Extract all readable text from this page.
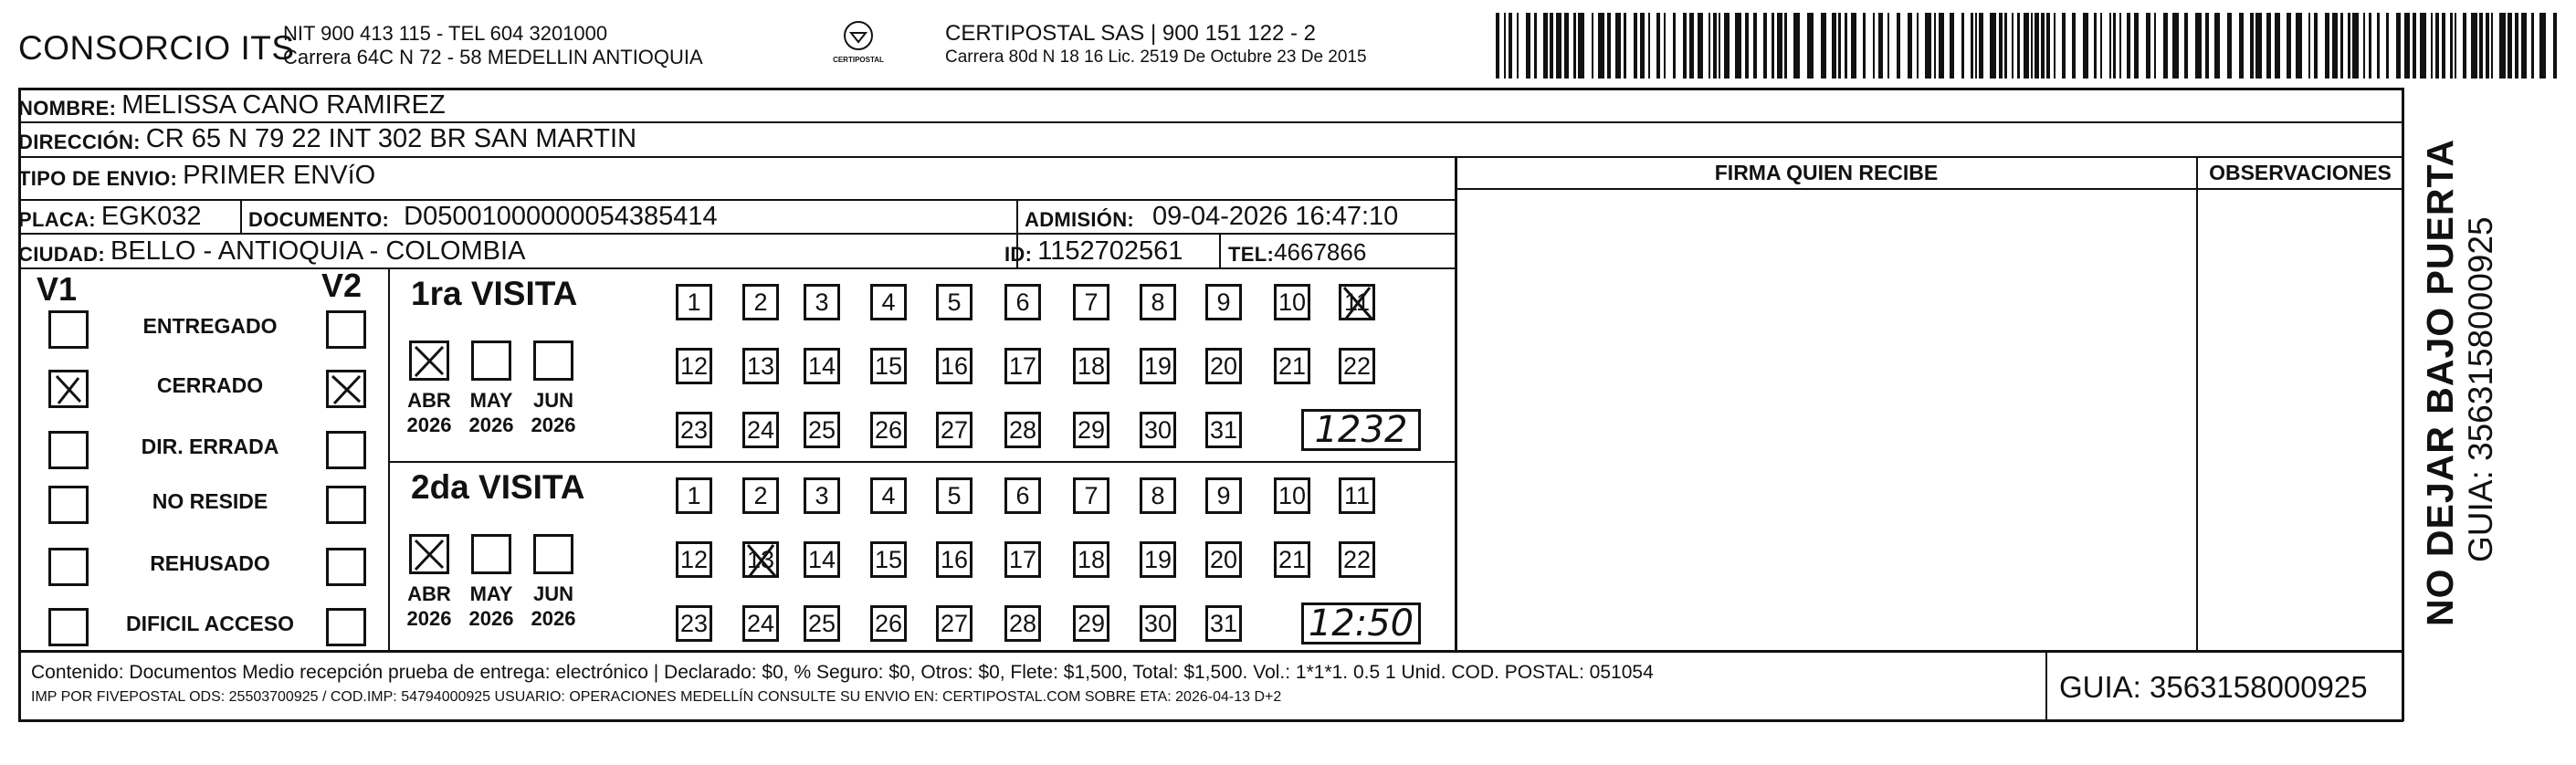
CONSORCIO ITS
NIT 900 413 115 - TEL 604 3201000
Carrera 64C N 72 - 58 MEDELLIN ANTIOQUIA	CERTIPOSTAL
CERTIPOSTAL SAS | 900 151 122 - 2
Carrera 80d N 18 16 Lic. 2519 De Octubre 23 De 2015
NOMBRE: MELISSA CANO RAMIREZ
DIRECCIÓN: CR 65 N 79 22 INT 302 BR SAN MARTIN
TIPO DE ENVIO: PRIMER ENVíO
PLACA: EGK032 DOCUMENTO: D05001000000054385414	ADMISIÓN: 09-04-2026 16:47:10
CIUDAD: BELLO - ANTIOQUIA - COLOMBIA	ID: 1152702561 TEL: 4667866
FIRMA QUIEN RECIBE	OBSERVACIONES
V1	V2
ENTREGADO
CERRADO
DIR. ERRADA
NO RESIDE
REHUSADO
DIFICIL ACCESO
1ra VISITA
ABR
2026
MAY
2026
JUN
2026
1 2 3 4 5 6 7 8 9 10 11
12 13 14 15 16 17 18 19 20 21 22
23 24 25 26 27 28 29 30 31 1232
2da VISITA
ABR
2026
MAY
2026
JUN
2026
1 2 3 4 5 6 7 8 9 10 11
12 13 14 15 16 17 18 19 20 21 22
23 24 25 26 27 28 29 30 31 12:50
Contenido: Documentos Medio recepción prueba de entrega: electrónico | Declarado: $0, % Seguro: $0, Otros: $0, Flete: $1,500, Total: $1,500. Vol.: 1*1*1. 0.5 1 Unid. COD. POSTAL: 051054
IMP POR FIVEPOSTAL ODS: 25503700925 / COD.IMP: 54794000925 USUARIO: OPERACIONES MEDELLÍN CONSULTE SU ENVIO EN: CERTIPOSTAL.COM SOBRE ETA: 2026-04-13 D+2	GUIA: 3563158000925
NO DEJAR BAJO PUERTA GUIA: 3563158000925
